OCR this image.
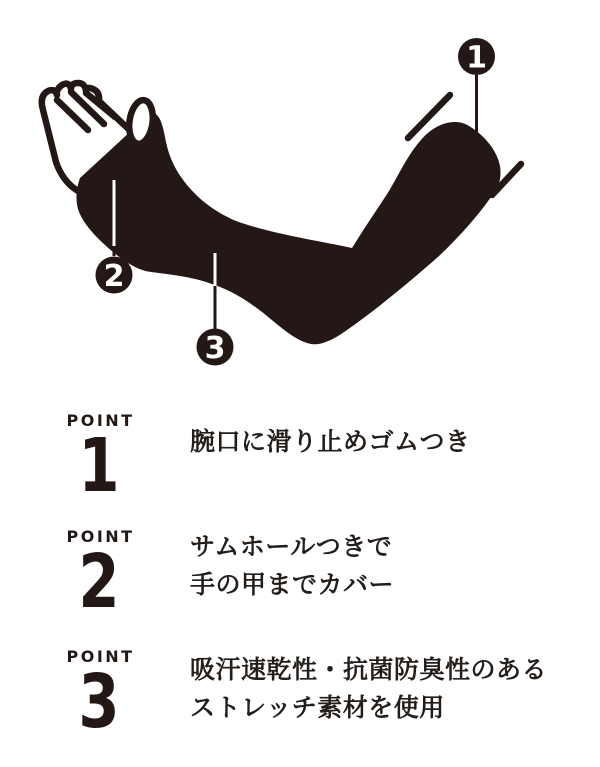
1
2
3
POINT
1	腕口に滑り止めゴムつき
POINT
2	サムホールつきで
手の甲までカバー
POINT
3	吸汗速乾性・抗菌防臭性のある
ストレッチ素材を使用
